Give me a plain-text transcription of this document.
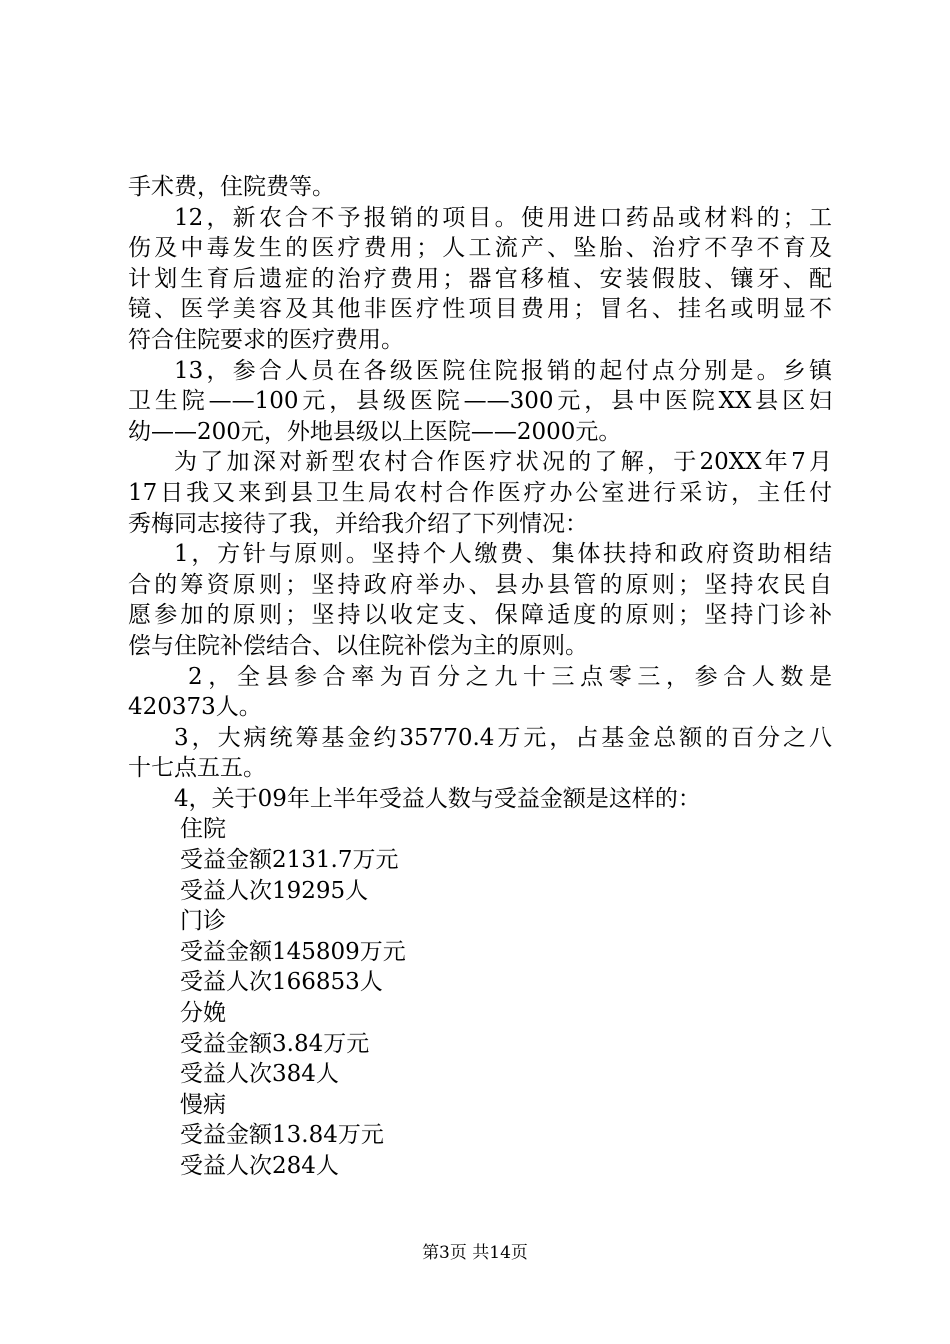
手术费，住院费等。
12，新农合不予报销的项目。使用进口药品或材料的；工
伤及中毒发生的医疗费用；人工流产、坠胎、治疗不孕不育及
计划生育后遗症的治疗费用；器官移植、安装假肢、镶牙、配
镜、医学美容及其他非医疗性项目费用；冒名、挂名或明显不
符合住院要求的医疗费用。
13，参合人员在各级医院住院报销的起付点分别是。乡镇
卫生院——100元，县级医院——300元，县中医院XX县区妇
幼——200元，外地县级以上医院——2000元。
为了加深对新型农村合作医疗状况的了解，于20XX年7月
17日我又来到县卫生局农村合作医疗办公室进行采访，主任付
秀梅同志接待了我，并给我介绍了下列情况：
1，方针与原则。坚持个人缴费、集体扶持和政府资助相结
合的筹资原则；坚持政府举办、县办县管的原则；坚持农民自
愿参加的原则；坚持以收定支、保障适度的原则；坚持门诊补
偿与住院补偿结合、以住院补偿为主的原则。
2，全县参合率为百分之九十三点零三，参合人数是
420373人。
3，大病统筹基金约35770.4万元，占基金总额的百分之八
十七点五五。
4，关于09年上半年受益人数与受益金额是这样的：
住院
受益金额2131.7万元
受益人次19295人
门诊
受益金额145809万元
受益人次166853人
分娩
受益金额3.84万元
受益人次384人
慢病
受益金额13.84万元
受益人次284人
第3页 共14页
